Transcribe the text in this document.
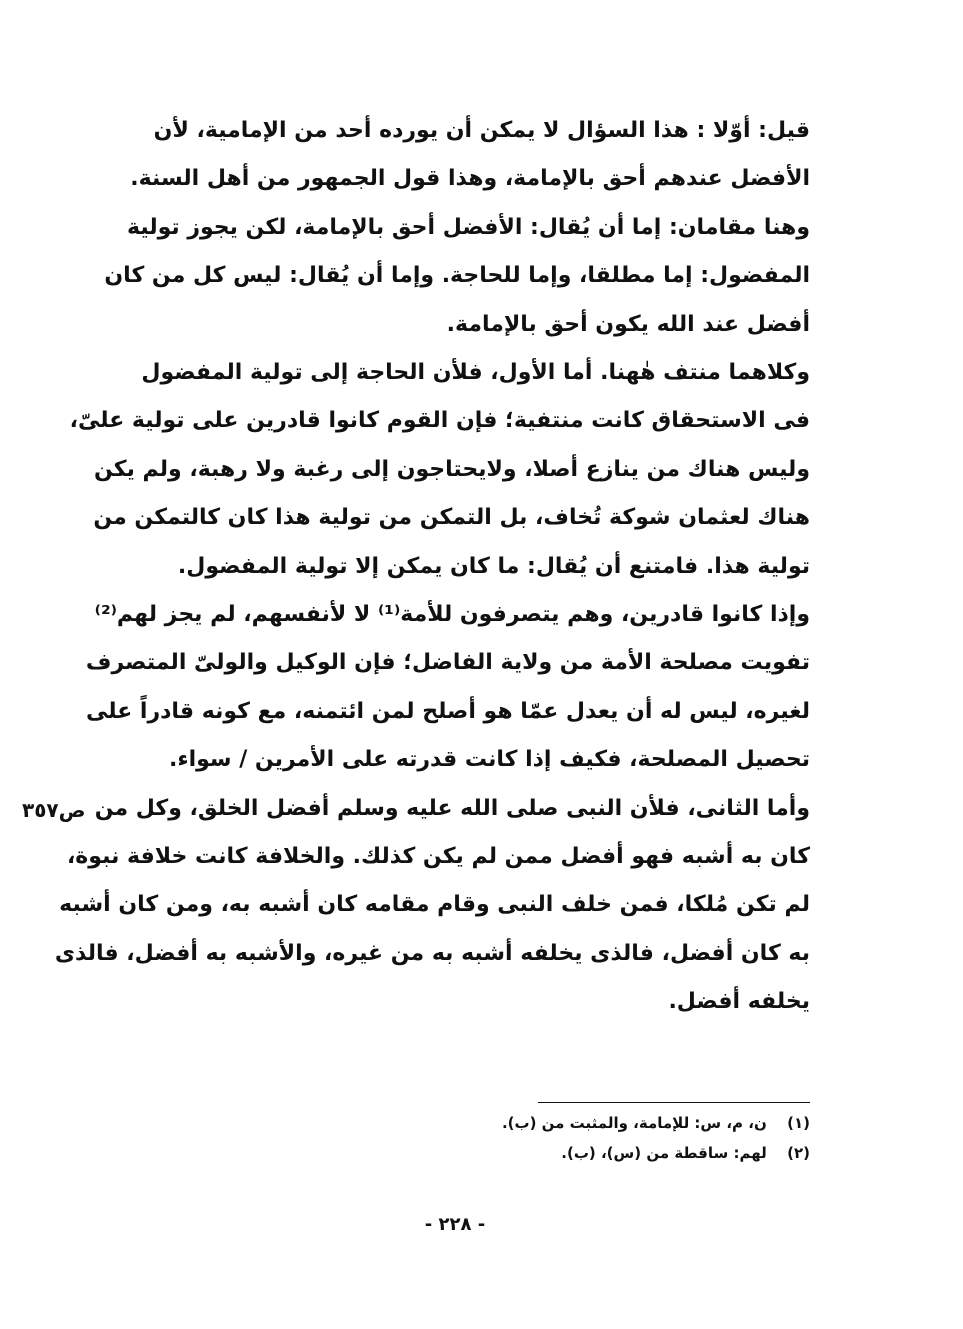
قيل: أوّلا : هذا السؤال لا يمكن أن يورده أحد من الإمامية، لأن
الأفضل عندهم أحق بالإمامة، وهذا قول الجمهور من أهل السنة.
وهنا مقامان: إما أن يُقال: الأفضل أحق بالإمامة، لكن يجوز تولية
المفضول: إما مطلقا، وإما للحاجة. وإما أن يُقال: ليس كل من كان
أفضل عند الله يكون أحق بالإمامة.
وكلاهما منتف هٰهنا. أما الأول، فلأن الحاجة إلى تولية المفضول
فى الاستحقاق كانت منتفية؛ فإن القوم كانوا قادرين على تولية علىّ،
وليس هناك من ينازع أصلا، ولايحتاجون إلى رغبة ولا رهبة، ولم يكن
هناك لعثمان شوكة تُخاف، بل التمكن من تولية هذا كان كالتمكن من
تولية هذا. فامتنع أن يُقال: ما كان يمكن إلا تولية المفضول.
وإذا كانوا قادرين، وهم يتصرفون للأمة⁽¹⁾ لا لأنفسهم، لم يجز لهم⁽²⁾
تفويت مصلحة الأمة من ولاية الفاضل؛ فإن الوكيل والولىّ المتصرف
لغيره، ليس له أن يعدل عمّا هو أصلح لمن ائتمنه، مع كونه قادراً على
تحصيل المصلحة، فكيف إذا كانت قدرته على الأمرين / سواء.
وأما الثانى، فلأن النبى صلى الله عليه وسلم أفضل الخلق، وكل من
كان به أشبه فهو أفضل ممن لم يكن كذلك. والخلافة كانت خلافة نبوة،
لم تكن مُلكا، فمن خلف النبى وقام مقامه كان أشبه به، ومن كان أشبه
به كان أفضل، فالذى يخلفه أشبه به من غيره، والأشبه به أفضل، فالذى
يخلفه أفضل.
ص٣٥٧
(١) ن، م، س: للإمامة، والمثبت من (ب).
(٢) لهم: ساقطة من (س)، (ب).
- ٢٢٨ -
